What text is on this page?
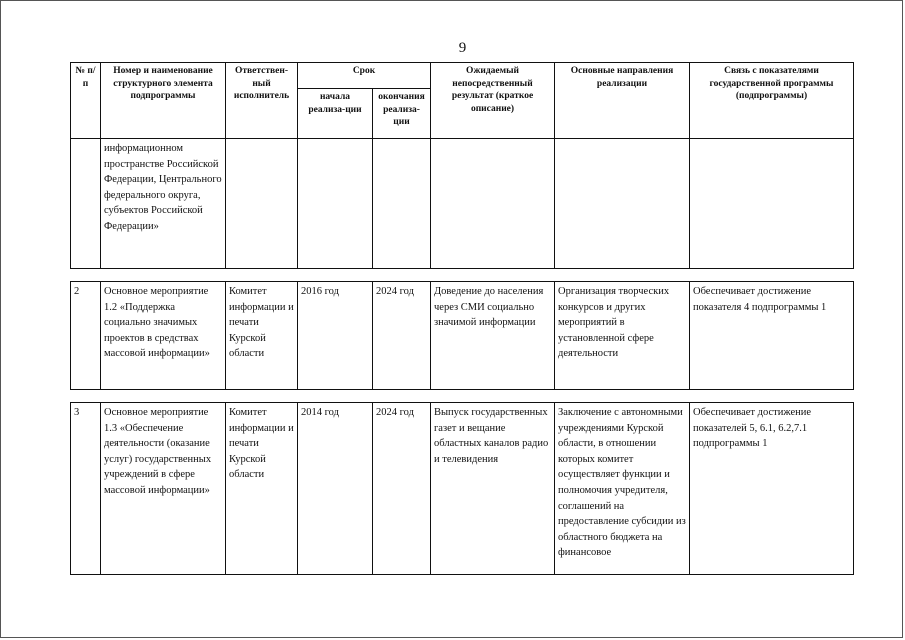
9
№ п/п	Номер и наименование структурного элемента подпрограммы	Ответствен-ный исполнитель	Срок		Ожидаемый непосредственный результат (краткое описание)	Основные направления реализации	Связь с показателями государственной программы (подпрограммы)
			начала реализа-ции	окончания реализа-ции			
	информационном пространстве Российской Федерации, Центрального федерального округа, субъектов Российской Федерации»						

2	Основное мероприятие 1.2 «Поддержка социально значимых проектов в средствах массовой информации»	Комитет информации и печати Курской области	2016 год	2024 год	Доведение до населения через СМИ социально значимой информации	Организация творческих конкурсов и других мероприятий в установленной сфере деятельности	Обеспечивает достижение показателя 4 подпрограммы 1

3	Основное мероприятие 1.3 «Обеспечение деятельности (оказание услуг) государственных учреждений в сфере массовой информации»	Комитет информации и печати Курской области	2014 год	2024 год	Выпуск государственных газет и вещание областных каналов радио и телевидения	Заключение с автономными учреждениями Курской области, в отношении которых комитет осуществляет функции и полномочия учредителя, соглашений на предоставление субсидии из областного бюджета на финансовое	Обеспечивает достижение показателей 5, 6.1, 6.2,7.1 подпрограммы 1
